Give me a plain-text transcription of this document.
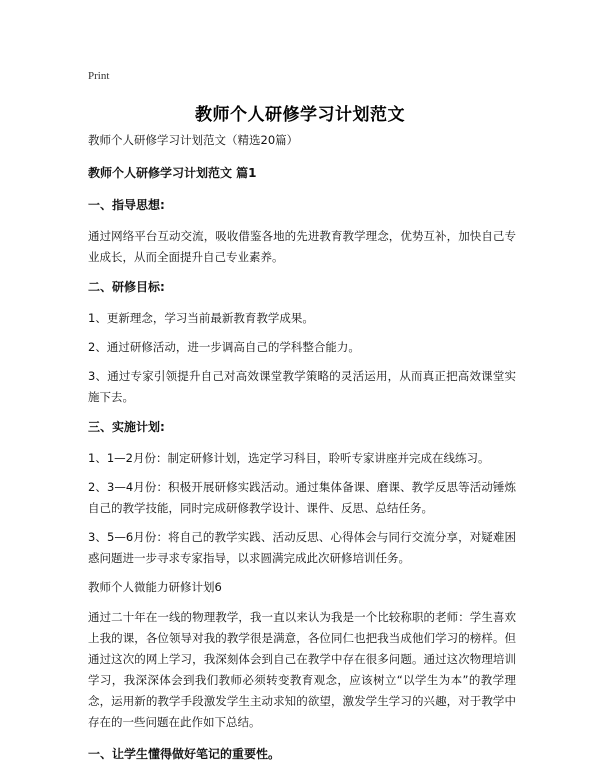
Print
教师个人研修学习计划范文
教师个人研修学习计划范文（精选20篇）
教师个人研修学习计划范文 篇1
一、指导思想:
通过网络平台互动交流，吸收借鉴各地的先进教育教学理念，优势互补，加快自己专业成长，从而全面提升自己专业素养。
二、研修目标:
1、更新理念，学习当前最新教育教学成果。
2、通过研修活动，进一步调高自己的学科整合能力。
3、通过专家引领提升自己对高效课堂教学策略的灵活运用，从而真正把高效课堂实施下去。
三、实施计划:
1、1—2月份：制定研修计划，选定学习科目，聆听专家讲座并完成在线练习。
2、3—4月份：积极开展研修实践活动。通过集体备课、磨课、教学反思等活动锤炼自己的教学技能，同时完成研修教学设计、课件、反思、总结任务。
3、5—6月份：将自己的教学实践、活动反思、心得体会与同行交流分享，对疑难困惑问题进一步寻求专家指导，以求圆满完成此次研修培训任务。
教师个人微能力研修计划6
通过二十年在一线的物理教学，我一直以来认为我是一个比较称职的老师：学生喜欢上我的课，各位领导对我的教学很是满意，各位同仁也把我当成他们学习的榜样。但通过这次的网上学习，我深刻体会到自己在教学中存在很多问题。通过这次物理培训学习，我深深体会到我们教师必须转变教育观念，应该树立“以学生为本”的教学理念，运用新的教学手段激发学生主动求知的欲望，激发学生学习的兴趣，对于教学中存在的一些问题在此作如下总结。
一、让学生懂得做好笔记的重要性。
